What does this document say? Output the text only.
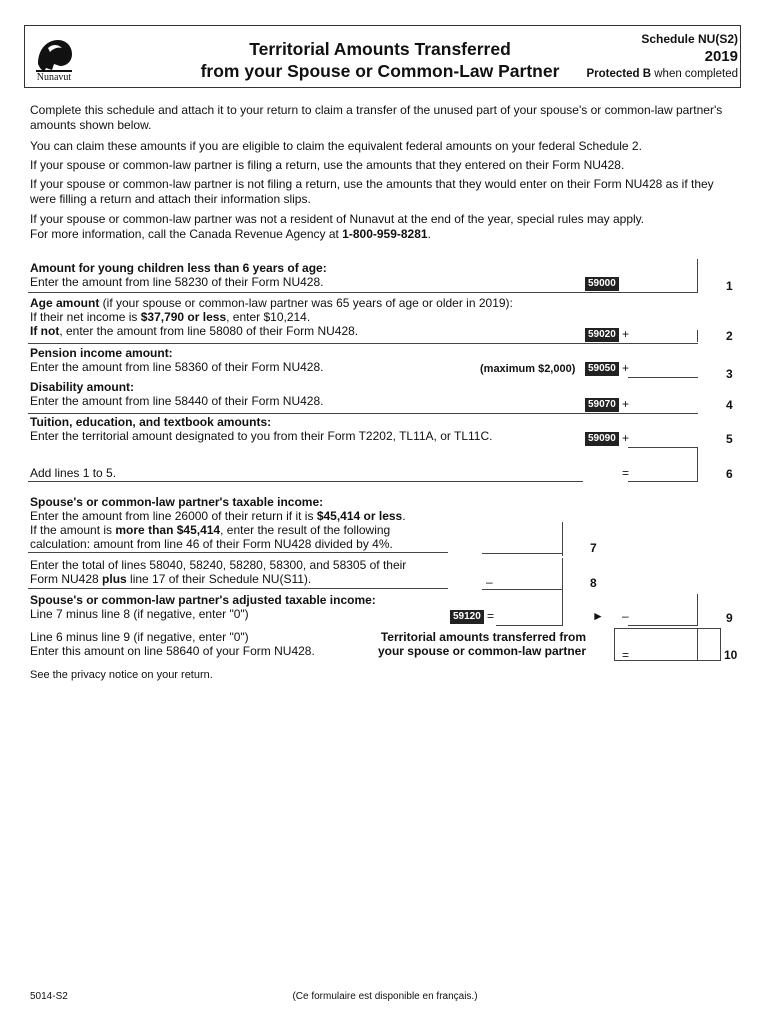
Nunavut
Territorial Amounts Transferred
from your Spouse or Common-Law Partner
Schedule NU(S2)
2019
Protected B when completed
Complete this schedule and attach it to your return to claim a transfer of the unused part of your spouse's or common-law partner's amounts shown below.
You can claim these amounts if you are eligible to claim the equivalent federal amounts on your federal Schedule 2.
If your spouse or common-law partner is filing a return, use the amounts that they entered on their Form NU428.
If your spouse or common-law partner is not filing a return, use the amounts that they would enter on their Form NU428 as if they were filling a return and attach their information slips.
If your spouse or common-law partner was not a resident of Nunavut at the end of the year, special rules may apply.
For more information, call the Canada Revenue Agency at 1-800-959-8281.
Amount for young children less than 6 years of age:
Enter the amount from line 58230 of their Form NU428.	59000	1
Age amount (if your spouse or common-law partner was 65 years of age or older in 2019):
If their net income is $37,790 or less, enter $10,214.
If not, enter the amount from line 58080 of their Form NU428.	59020 +	2
Pension income amount:
Enter the amount from line 58360 of their Form NU428.	(maximum $2,000)	59050 +	3
Disability amount:
Enter the amount from line 58440 of their Form NU428.	59070 +	4
Tuition, education, and textbook amounts:
Enter the territorial amount designated to you from their Form T2202, TL11A, or TL11C.	59090 +	5
Add lines 1 to 5.	=	6
Spouse's or common-law partner's taxable income:
Enter the amount from line 26000 of their return if it is $45,414 or less.
If the amount is more than $45,414, enter the result of the following
calculation: amount from line 46 of their Form NU428 divided by 4%.	7
Enter the total of lines 58040, 58240, 58280, 58300, and 58305 of their
Form NU428 plus line 17 of their Schedule NU(S11).	–	8
Spouse's or common-law partner's adjusted taxable income:
Line 7 minus line 8 (if negative, enter "0")	59120 =	► –	9
Line 6 minus line 9 (if negative, enter "0")
Enter this amount on line 58640 of your Form NU428.
Territorial amounts transferred from
your spouse or common-law partner	=	10
See the privacy notice on your return.
5014-S2	(Ce formulaire est disponible en français.)
